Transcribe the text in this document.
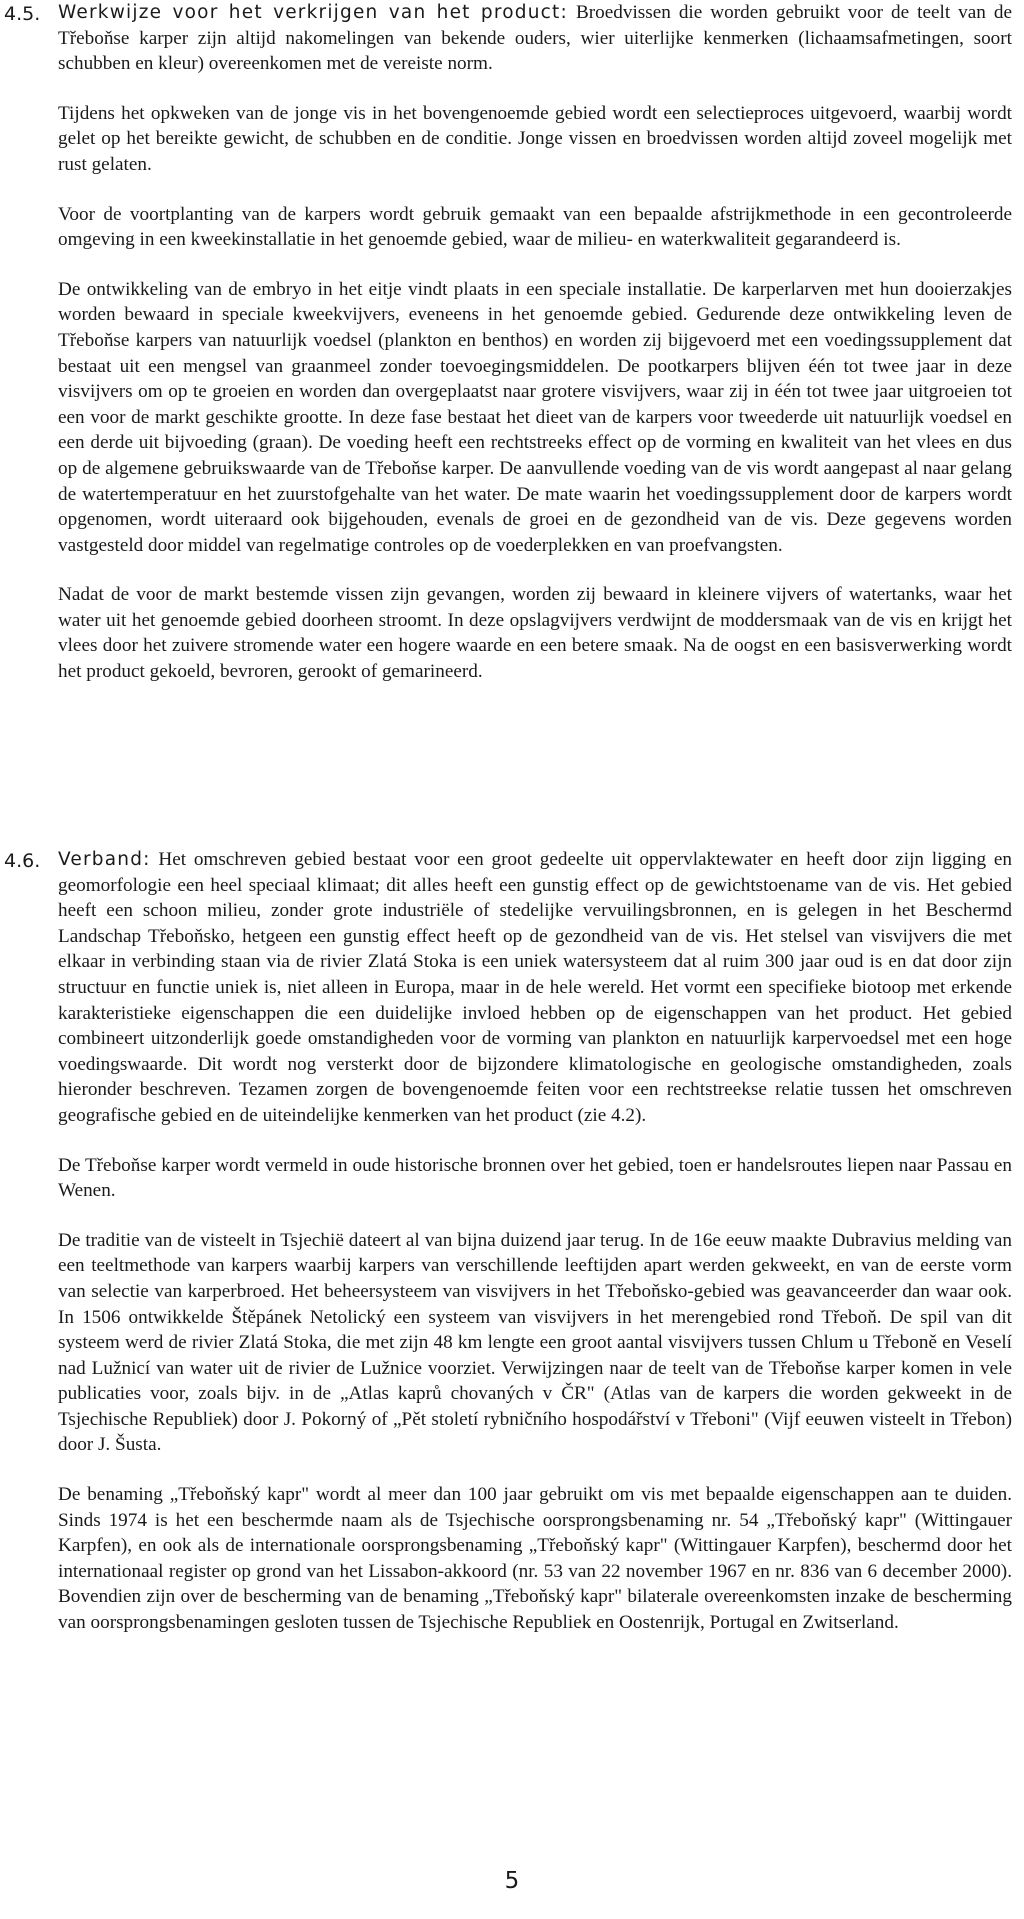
4.5. Werkwijze voor het verkrijgen van het product: Broedvissen die worden gebruikt voor de teelt van de Třeboňse karper zijn altijd nakomelingen van bekende ouders, wier uiterlijke kenmerken (lichaamsafmetingen, soort schubben en kleur) overeenkomen met de vereiste norm.

Tijdens het opkweken van de jonge vis in het bovengenoemde gebied wordt een selectieproces uitgevoerd, waarbij wordt gelet op het bereikte gewicht, de schubben en de conditie. Jonge vissen en broedvissen worden altijd zoveel mogelijk met rust gelaten.

Voor de voortplanting van de karpers wordt gebruik gemaakt van een bepaalde afstrijkmethode in een gecontroleerde omgeving in een kweekinstallatie in het genoemde gebied, waar de milieu- en waterkwaliteit gegarandeerd is.

De ontwikkeling van de embryo in het eitje vindt plaats in een speciale installatie. De karperlarven met hun dooierzakjes worden bewaard in speciale kweekvijvers, eveneens in het genoemde gebied. Gedurende deze ontwikkeling leven de Třeboňse karpers van natuurlijk voedsel (plankton en benthos) en worden zij bijgevoerd met een voedingssupplement dat bestaat uit een mengsel van graanmeel zonder toevoegingsmiddelen. De pootkarpers blijven één tot twee jaar in deze visvijvers om op te groeien en worden dan overgeplaatst naar grotere visvijvers, waar zij in één tot twee jaar uitgroeien tot een voor de markt geschikte grootte. In deze fase bestaat het dieet van de karpers voor tweederde uit natuurlijk voedsel en een derde uit bijvoeding (graan). De voeding heeft een rechtstreeks effect op de vorming en kwaliteit van het vlees en dus op de algemene gebruikswaarde van de Třeboňse karper. De aanvullende voeding van de vis wordt aangepast al naar gelang de watertemperatuur en het zuurstofgehalte van het water. De mate waarin het voedingssupplement door de karpers wordt opgenomen, wordt uiteraard ook bijgehouden, evenals de groei en de gezondheid van de vis. Deze gegevens worden vastgesteld door middel van regelmatige controles op de voederplekken en van proefvangsten.

Nadat de voor de markt bestemde vissen zijn gevangen, worden zij bewaard in kleinere vijvers of watertanks, waar het water uit het genoemde gebied doorheen stroomt. In deze opslagvijvers verdwijnt de moddersmaak van de vis en krijgt het vlees door het zuivere stromende water een hogere waarde en een betere smaak. Na de oogst en een basisverwerking wordt het product gekoeld, bevroren, gerookt of gemarineerd.

4.6. Verband: Het omschreven gebied bestaat voor een groot gedeelte uit oppervlaktewater en heeft door zijn ligging en geomorfologie een heel speciaal klimaat; dit alles heeft een gunstig effect op de gewichtstoename van de vis. Het gebied heeft een schoon milieu, zonder grote industriële of stedelijke vervuilingsbronnen, en is gelegen in het Beschermd Landschap Třeboňsko, hetgeen een gunstig effect heeft op de gezondheid van de vis. Het stelsel van visvijvers die met elkaar in verbinding staan via de rivier Zlatá Stoka is een uniek watersysteem dat al ruim 300 jaar oud is en dat door zijn structuur en functie uniek is, niet alleen in Europa, maar in de hele wereld. Het vormt een specifieke biotoop met erkende karakteristieke eigenschappen die een duidelijke invloed hebben op de eigenschappen van het product. Het gebied combineert uitzonderlijk goede omstandigheden voor de vorming van plankton en natuurlijk karpervoedsel met een hoge voedingswaarde. Dit wordt nog versterkt door de bijzondere klimatologische en geologische omstandigheden, zoals hieronder beschreven. Tezamen zorgen de bovengenoemde feiten voor een rechtstreekse relatie tussen het omschreven geografische gebied en de uiteindelijke kenmerken van het product (zie 4.2).

De Třeboňse karper wordt vermeld in oude historische bronnen over het gebied, toen er handelsroutes liepen naar Passau en Wenen.

De traditie van de visteelt in Tsjechië dateert al van bijna duizend jaar terug. In de 16e eeuw maakte Dubravius melding van een teeltmethode van karpers waarbij karpers van verschillende leeftijden apart werden gekweekt, en van de eerste vorm van selectie van karperbroed. Het beheersysteem van visvijvers in het Třeboňsko-gebied was geavanceerder dan waar ook. In 1506 ontwikkelde Štěpánek Netolický een systeem van visvijvers in het merengebied rond Třeboň. De spil van dit systeem werd de rivier Zlatá Stoka, die met zijn 48 km lengte een groot aantal visvijvers tussen Chlum u Třeboně en Veselí nad Lužnicí van water uit de rivier de Lužnice voorziet. Verwijzingen naar de teelt van de Třeboňse karper komen in vele publicaties voor, zoals bijv. in de „Atlas kaprů chovaných v ČR" (Atlas van de karpers die worden gekweekt in de Tsjechische Republiek) door J. Pokorný of „Pět století rybničního hospodářství v Třeboni" (Vijf eeuwen visteelt in Třebon) door J. Šusta.

De benaming „Třeboňský kapr" wordt al meer dan 100 jaar gebruikt om vis met bepaalde eigenschappen aan te duiden. Sinds 1974 is het een beschermde naam als de Tsjechische oorsprongsbenaming nr. 54 „Třeboňský kapr" (Wittingauer Karpfen), en ook als de internationale oorsprongsbenaming „Třeboňský kapr" (Wittingauer Karpfen), beschermd door het internationaal register op grond van het Lissabon-akkoord (nr. 53 van 22 november 1967 en nr. 836 van 6 december 2000). Bovendien zijn over de bescherming van de benaming „Třeboňský kapr" bilaterale overeenkomsten inzake de bescherming van oorsprongsbenamingen gesloten tussen de Tsjechische Republiek en Oostenrijk, Portugal en Zwitserland.

5
